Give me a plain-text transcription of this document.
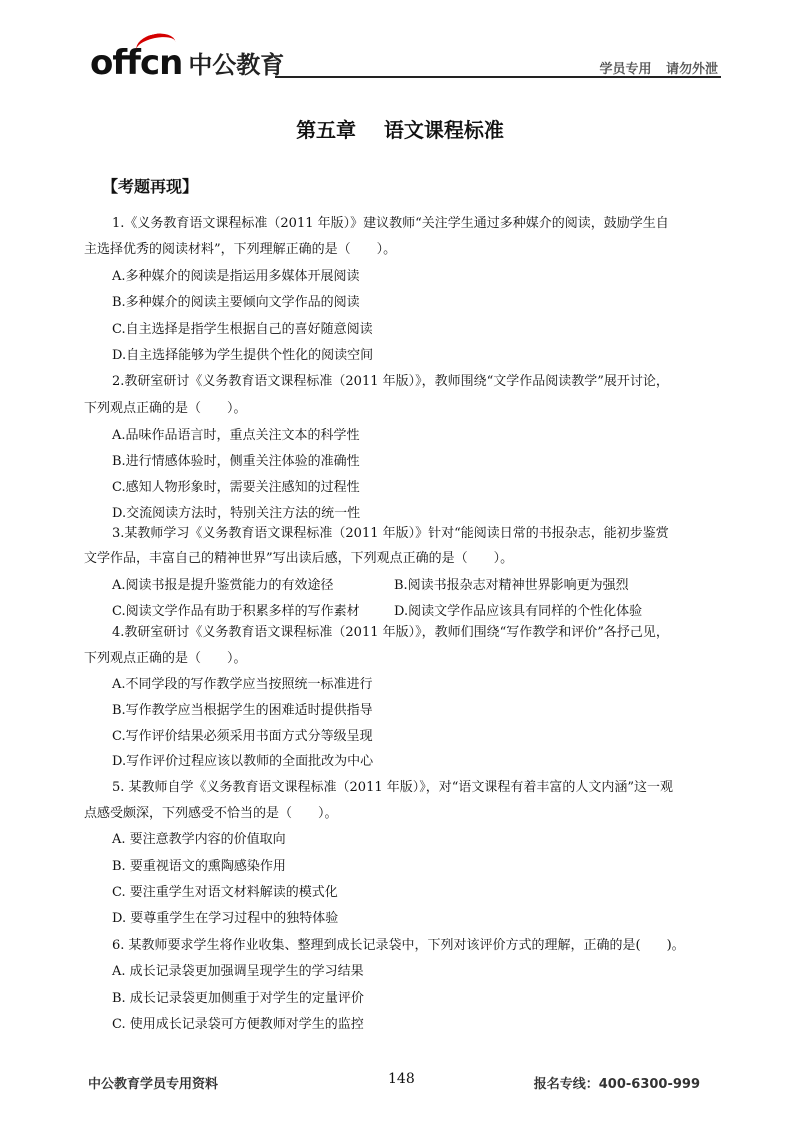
offcn 中公教育	学员专用 请勿外泄
第五章    语文课程标准
【考题再现】
1.《义务教育语文课程标准（2011 年版）》建议教师“关注学生通过多种媒介的阅读，鼓励学生自
主选择优秀的阅读材料”，下列理解正确的是（　　）。
A.多种媒介的阅读是指运用多媒体开展阅读
B.多种媒介的阅读主要倾向文学作品的阅读
C.自主选择是指学生根据自己的喜好随意阅读
D.自主选择能够为学生提供个性化的阅读空间
2.教研室研讨《义务教育语文课程标准（2011 年版）》，教师围绕“文学作品阅读教学”展开讨论，
下列观点正确的是（　　）。
A.品味作品语言时，重点关注文本的科学性
B.进行情感体验时，侧重关注体验的准确性
C.感知人物形象时，需要关注感知的过程性
D.交流阅读方法时，特别关注方法的统一性
3.某教师学习《义务教育语文课程标准（2011 年版）》针对“能阅读日常的书报杂志，能初步鉴赏
文学作品，丰富自己的精神世界”写出读后感，下列观点正确的是（　　）。
A.阅读书报是提升鉴赏能力的有效途径	B.阅读书报杂志对精神世界影响更为强烈
C.阅读文学作品有助于积累多样的写作素材	D.阅读文学作品应该具有同样的个性化体验
4.教研室研讨《义务教育语文课程标准（2011 年版）》，教师们围绕“写作教学和评价”各抒己见，
下列观点正确的是（　　）。
A.不同学段的写作教学应当按照统一标准进行
B.写作教学应当根据学生的困难适时提供指导
C.写作评价结果必须采用书面方式分等级呈现
D.写作评价过程应该以教师的全面批改为中心
5. 某教师自学《义务教育语文课程标准（2011 年版）》，对“语文课程有着丰富的人文内涵”这一观
点感受颇深，下列感受不恰当的是（　　）。
A. 要注意教学内容的价值取向
B. 要重视语文的熏陶感染作用
C. 要注重学生对语文材料解读的模式化
D. 要尊重学生在学习过程中的独特体验
6. 某教师要求学生将作业收集、整理到成长记录袋中，下列对该评价方式的理解，正确的是(　　)。
A. 成长记录袋更加强调呈现学生的学习结果
B. 成长记录袋更加侧重于对学生的定量评价
C. 使用成长记录袋可方便教师对学生的监控
中公教育学员专用资料	148	报名专线：400-6300-999
